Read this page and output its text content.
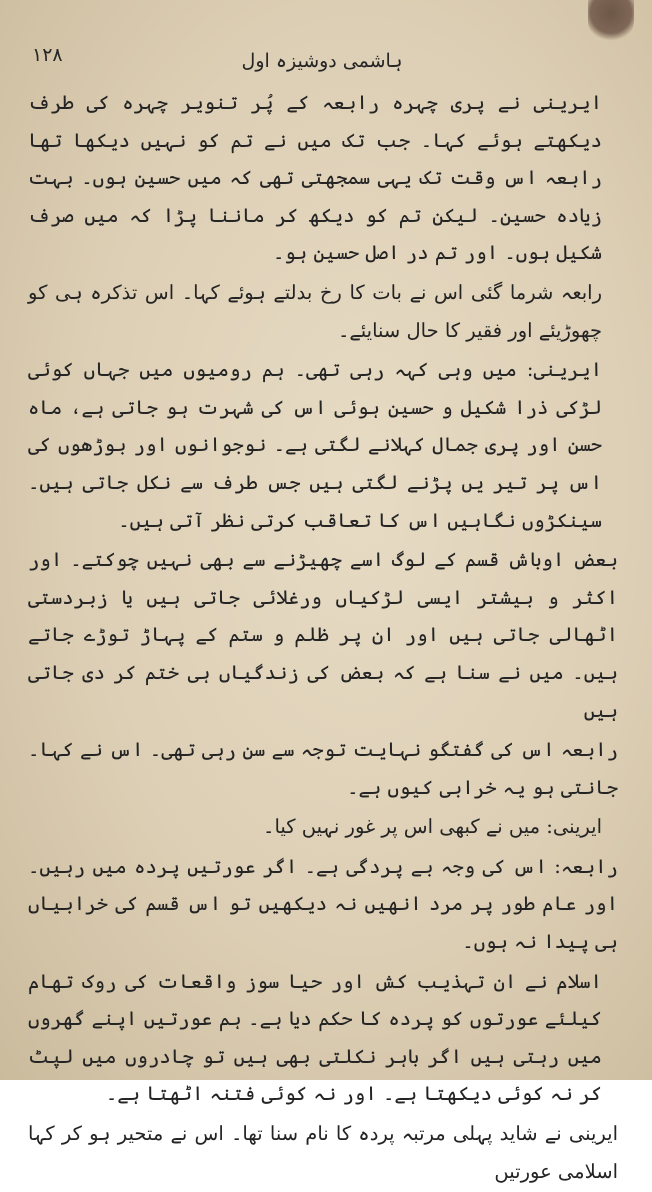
۱۲۸	ہاشمی دوشیزہ اول

ایرینی نے پری چہرہ رابعہ کے پُر تنویر چہرہ کی طرف دیکھتے ہوئے کہا۔ جب تک میں نے تم کو نہیں دیکھا تھا رابعہ اس وقت تک یہی سمجھتی تھی کہ میں حسین ہوں۔ بہت زیادہ حسین۔ لیکن تم کو دیکھ کر ماننا پڑا کہ میں صرف شکیل ہوں۔ اور تم در اصل حسین ہو۔

رابعہ شرما گئی اس نے بات کا رخ بدلتے ہوئے کہا۔ اس تذکرہ ہی کو چھوڑیئے اور فقیر کا حال سنایئے۔

ایرینی: میں وہی کہہ رہی تھی۔ ہم رومیوں میں جہاں کوئی لڑکی ذرا شکیل و حسین ہوئی اس کی شہرت ہو جاتی ہے، ماہ حسن اور پری جمال کہلانے لگتی ہے۔ نوجوانوں اور بوڑھوں کی اس پر تیر یں پڑنے لگتی ہیں جس طرف سے نکل جاتی ہیں۔ سینکڑوں نگاہیں اس کا تعاقب کرتی نظر آتی ہیں۔

بعض اوباش قسم کے لوگ اسے چھیڑنے سے بھی نہیں چوکتے۔ اور اکثر و بیشتر ایسی لڑکیاں ورغلائی جاتی ہیں یا زبردستی اٹھالی جاتی ہیں اور ان پر ظلم و ستم کے پہاڑ توڑے جاتے ہیں۔ میں نے سنا ہے کہ بعض کی زندگیاں ہی ختم کر دی جاتی ہیں

رابعہ اس کی گفتگو نہایت توجہ سے سن رہی تھی۔ اس نے کہا۔ جانتی ہو یہ خرابی کیوں ہے۔

ایرینی: میں نے کبھی اس پر غور نہیں کیا۔

رابعہ: اس کی وجہ بے پردگی ہے۔ اگر عورتیں پردہ میں رہیں۔ اور عام طور پر مرد انھیں نہ دیکھیں تو اس قسم کی خرابیاں ہی پیدا نہ ہوں۔

اسلام نے ان تہذیب کش اور حیا سوز واقعات کی روک تھام کیلئے عورتوں کو پردہ کا حکم دیا ہے۔ ہم عورتیں اپنے گھروں میں رہتی ہیں اگر باہر نکلتی بھی ہیں تو چادروں میں لپٹ کر نہ کوئی دیکھتا ہے۔ اور نہ کوئی فتنہ اٹھتا ہے۔

ایرینی نے شاید پہلی مرتبہ پردہ کا نام سنا تھا۔ اس نے متحیر ہو کر کہا اسلامی عورتیں
